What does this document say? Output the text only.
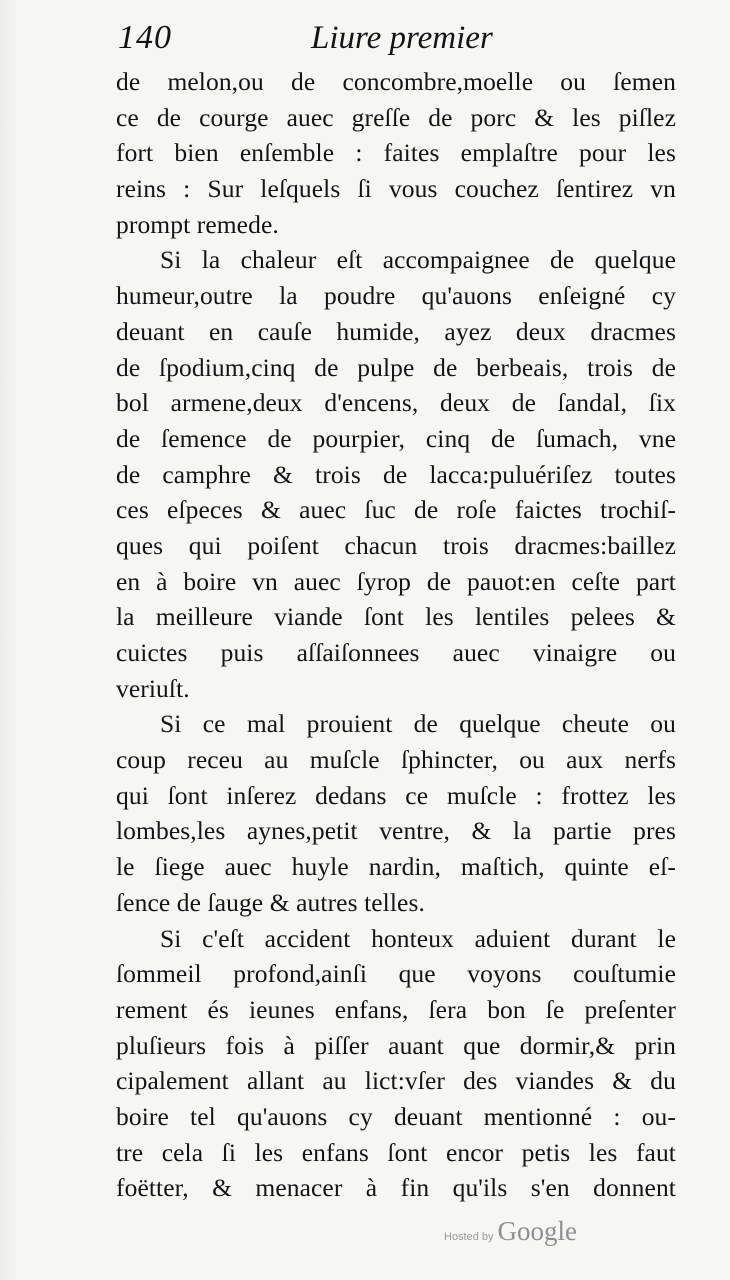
140	Liure premier
de melon,ou de concombre,moelle ou ſemen
ce de courge auec greſſe de porc & les piſlez
fort bien enſemble : faites emplaſtre pour les
reins : Sur leſquels ſi vous couchez ſentirez vn
prompt remede.
Si la chaleur eſt accompaignee de quelque
humeur,outre la poudre qu'auons enſeigné cy
deuant en cauſe humide, ayez deux dracmes
de ſpodium,cinq de pulpe de berbeais, trois de
bol armene,deux d'encens, deux de ſandal, ſix
de ſemence de pourpier, cinq de ſumach, vne
de camphre & trois de lacca:puluériſez toutes
ces eſpeces & auec ſuc de roſe faictes trochiſ-
ques qui poiſent chacun trois dracmes:baillez
en à boire vn auec ſyrop de pauot:en ceſte part
la meilleure viande ſont les lentiles pelees &
cuictes puis aſſaiſonnees auec vinaigre ou
veriuſt.
Si ce mal prouient de quelque cheute ou
coup receu au muſcle ſphincter, ou aux nerfs
qui ſont inſerez dedans ce muſcle : frottez les
lombes,les aynes,petit ventre, & la partie pres
le ſiege auec huyle nardin, maſtich, quinte eſ-
ſence de ſauge & autres telles.
Si c'eſt accident honteux aduient durant le
ſommeil profond,ainſi que voyons couſtumie
rement és ieunes enfans, ſera bon ſe preſenter
pluſieurs fois à piſſer auant que dormir,& prin
cipalement allant au lict:vſer des viandes & du
boire tel qu'auons cy deuant mentionné : ou-
tre cela ſi les enfans ſont encor petis les faut
foëtter, & menacer à fin qu'ils s'en donnent
Hosted by Google
